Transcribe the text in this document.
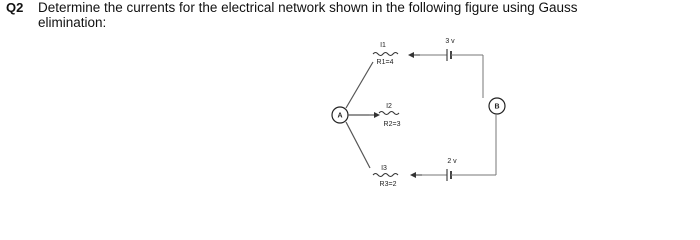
Q2 Determine the currents for the electrical network shown in the following figure using Gauss
elimination:
A
B
I1
R1=4
3 v
I2
R2=3
I3
R3=2
2 v
